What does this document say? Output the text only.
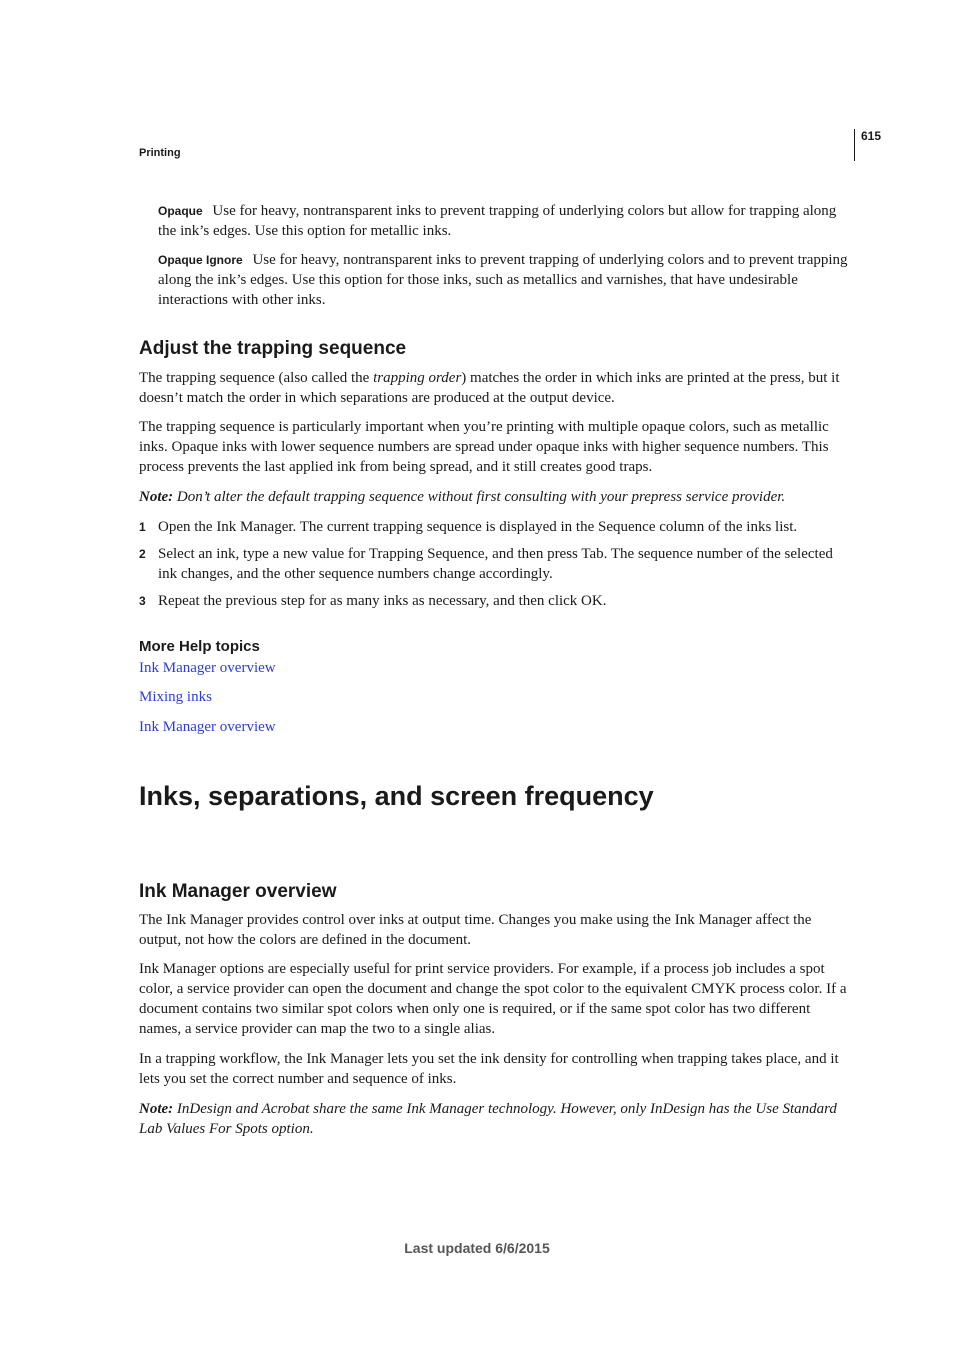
615
Printing

Opaque Use for heavy, nontransparent inks to prevent trapping of underlying colors but allow for trapping along the ink’s edges. Use this option for metallic inks.

Opaque Ignore Use for heavy, nontransparent inks to prevent trapping of underlying colors and to prevent trapping along the ink’s edges. Use this option for those inks, such as metallics and varnishes, that have undesirable interactions with other inks.

Adjust the trapping sequence

The trapping sequence (also called the trapping order) matches the order in which inks are printed at the press, but it doesn’t match the order in which separations are produced at the output device.

The trapping sequence is particularly important when you’re printing with multiple opaque colors, such as metallic inks. Opaque inks with lower sequence numbers are spread under opaque inks with higher sequence numbers. This process prevents the last applied ink from being spread, and it still creates good traps.

Note: Don’t alter the default trapping sequence without first consulting with your prepress service provider.

1 Open the Ink Manager. The current trapping sequence is displayed in the Sequence column of the inks list.

2 Select an ink, type a new value for Trapping Sequence, and then press Tab. The sequence number of the selected ink changes, and the other sequence numbers change accordingly.

3 Repeat the previous step for as many inks as necessary, and then click OK.

More Help topics
Ink Manager overview
Mixing inks
Ink Manager overview
Inks, separations, and screen frequency
Ink Manager overview

The Ink Manager provides control over inks at output time. Changes you make using the Ink Manager affect the output, not how the colors are defined in the document.

Ink Manager options are especially useful for print service providers. For example, if a process job includes a spot color, a service provider can open the document and change the spot color to the equivalent CMYK process color. If a document contains two similar spot colors when only one is required, or if the same spot color has two different names, a service provider can map the two to a single alias.

In a trapping workflow, the Ink Manager lets you set the ink density for controlling when trapping takes place, and it lets you set the correct number and sequence of inks.

Note: InDesign and Acrobat share the same Ink Manager technology. However, only InDesign has the Use Standard Lab Values For Spots option.

Last updated 6/6/2015
